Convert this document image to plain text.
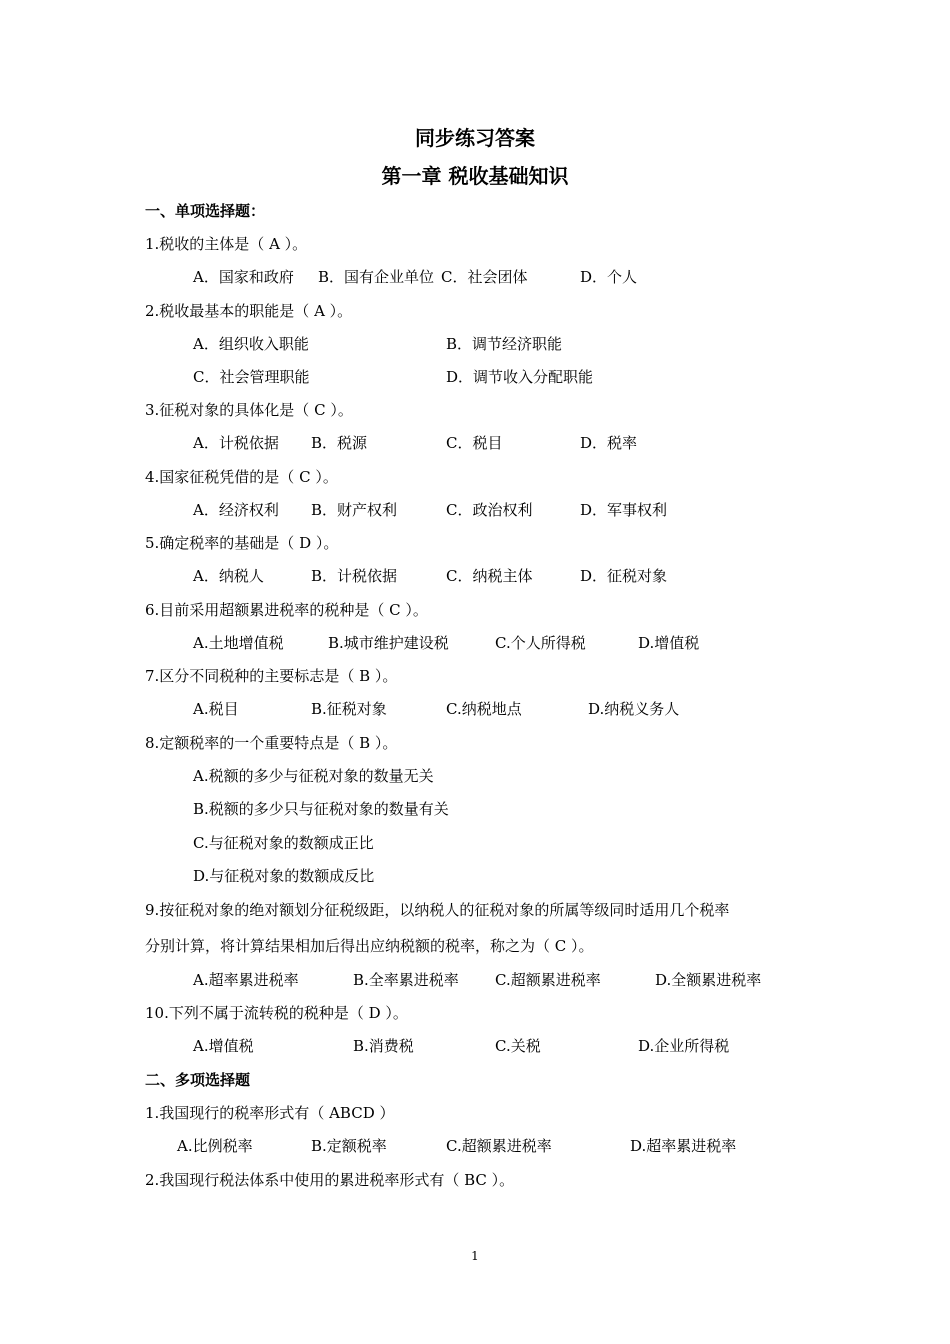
同步练习答案
第一章 税收基础知识
一、单项选择题：
1.税收的主体是（ A ）。
A．国家和政府 B．国有企业单位 C．社会团体	D．个人
2.税收最基本的职能是（ A ）。
A．组织收入职能	B．调节经济职能
C．社会管理职能	D．调节收入分配职能
3.征税对象的具体化是（ C ）。
A．计税依据 B．税源	C．税目	D．税率
4.国家征税凭借的是（ C ）。
A．经济权利 B．财产权利	C．政治权利	D．军事权利
5.确定税率的基础是（ D ）。
A．纳税人	B．计税依据	C．纳税主体	D．征税对象
6.目前采用超额累进税率的税种是（ C ）。
A.土地增值税	B.城市维护建设税	C.个人所得税	D.增值税
7.区分不同税种的主要标志是（ B ）。
A.税目	B.征税对象	C.纳税地点	D.纳税义务人
8.定额税率的一个重要特点是（ B ）。
A.税额的多少与征税对象的数量无关
B.税额的多少只与征税对象的数量有关
C.与征税对象的数额成正比
D.与征税对象的数额成反比
9.按征税对象的绝对额划分征税级距，以纳税人的征税对象的所属等级同时适用几个税率
分别计算，将计算结果相加后得出应纳税额的税率，称之为（ C ）。
A.超率累进税率	B.全率累进税率 C.超额累进税率	D.全额累进税率
10.下列不属于流转税的税种是（ D ）。
A.增值税	B.消费税	C.关税	D.企业所得税
二、多项选择题
1.我国现行的税率形式有（ ABCD ）
A.比例税率	B.定额税率	C.超额累进税率	D.超率累进税率
2.我国现行税法体系中使用的累进税率形式有（ BC ）。
1
